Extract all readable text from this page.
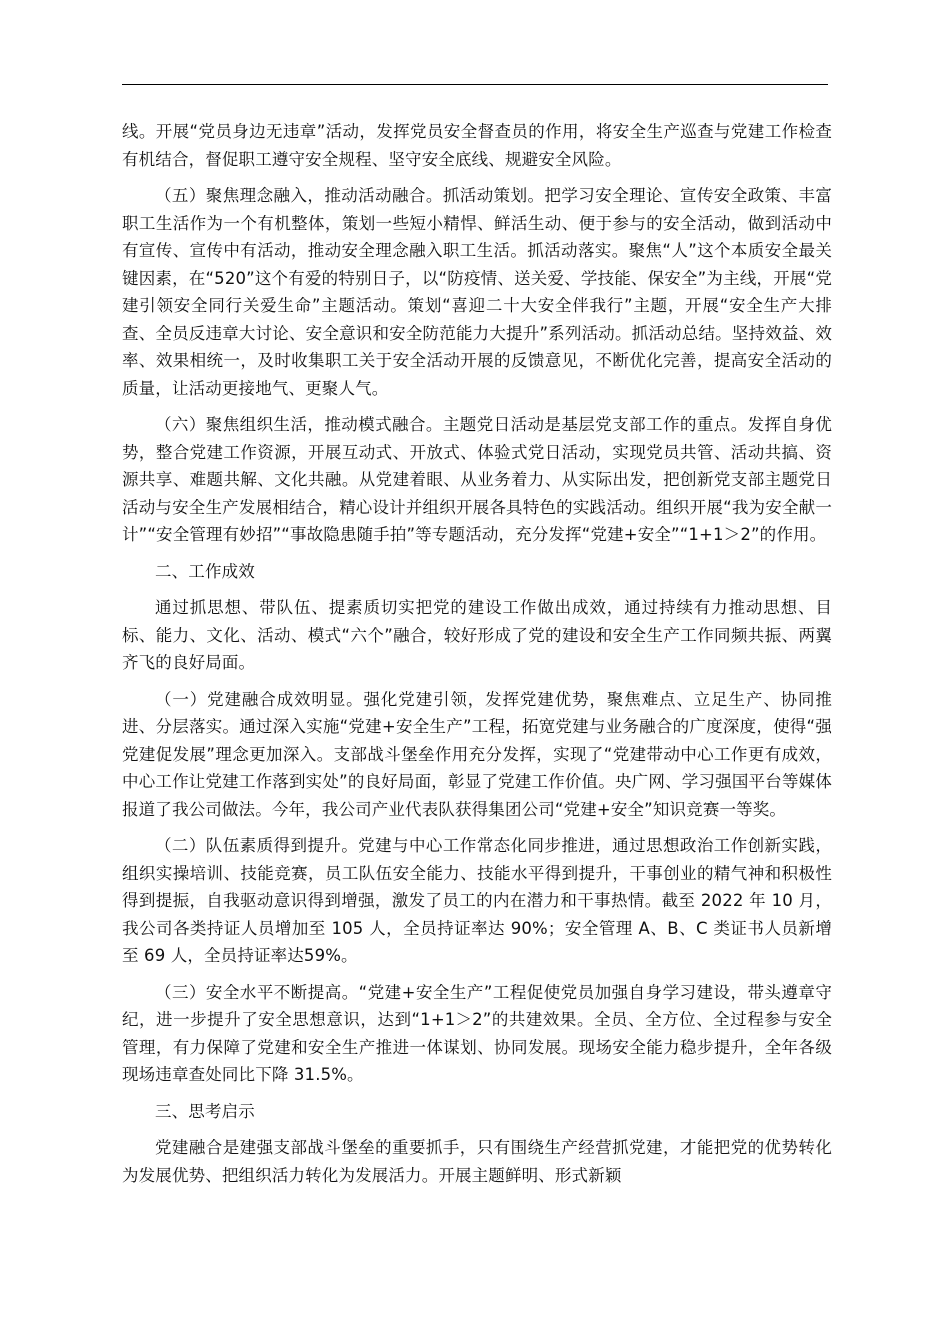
线。开展“党员身边无违章”活动，发挥党员安全督查员的作用，将安全生产巡查与党建工作检查有机结合，督促职工遵守安全规程、坚守安全底线、规避安全风险。

（五）聚焦理念融入，推动活动融合。抓活动策划。把学习安全理论、宣传安全政策、丰富职工生活作为一个有机整体，策划一些短小精悍、鲜活生动、便于参与的安全活动，做到活动中有宣传、宣传中有活动，推动安全理念融入职工生活。抓活动落实。聚焦“人”这个本质安全最关键因素，在“520”这个有爱的特别日子，以“防疫情、送关爱、学技能、保安全”为主线，开展“党建引领安全同行关爱生命”主题活动。策划“喜迎二十大安全伴我行”主题，开展“安全生产大排查、全员反违章大讨论、安全意识和安全防范能力大提升”系列活动。抓活动总结。坚持效益、效率、效果相统一，及时收集职工关于安全活动开展的反馈意见，不断优化完善，提高安全活动的质量，让活动更接地气、更聚人气。

（六）聚焦组织生活，推动模式融合。主题党日活动是基层党支部工作的重点。发挥自身优势，整合党建工作资源，开展互动式、开放式、体验式党日活动，实现党员共管、活动共搞、资源共享、难题共解、文化共融。从党建着眼、从业务着力、从实际出发，把创新党支部主题党日活动与安全生产发展相结合，精心设计并组织开展各具特色的实践活动。组织开展“我为安全献一计”“安全管理有妙招”“事故隐患随手拍”等专题活动，充分发挥“党建+安全”“1+1＞2”的作用。

二、工作成效

通过抓思想、带队伍、提素质切实把党的建设工作做出成效，通过持续有力推动思想、目标、能力、文化、活动、模式“六个”融合，较好形成了党的建设和安全生产工作同频共振、两翼齐飞的良好局面。

（一）党建融合成效明显。强化党建引领，发挥党建优势，聚焦难点、立足生产、协同推进、分层落实。通过深入实施“党建+安全生产”工程，拓宽党建与业务融合的广度深度，使得“强党建促发展”理念更加深入。支部战斗堡垒作用充分发挥，实现了“党建带动中心工作更有成效，中心工作让党建工作落到实处”的良好局面，彰显了党建工作价值。央广网、学习强国平台等媒体报道了我公司做法。今年，我公司产业代表队获得集团公司“党建+安全”知识竞赛一等奖。

（二）队伍素质得到提升。党建与中心工作常态化同步推进，通过思想政治工作创新实践，组织实操培训、技能竞赛，员工队伍安全能力、技能水平得到提升，干事创业的精气神和积极性得到提振，自我驱动意识得到增强，激发了员工的内在潜力和干事热情。截至 2022 年 10 月，我公司各类持证人员增加至 105 人，全员持证率达 90%；安全管理 A、B、C 类证书人员新增至 69 人，全员持证率达59%。

（三）安全水平不断提高。“党建+安全生产”工程促使党员加强自身学习建设，带头遵章守纪，进一步提升了安全思想意识，达到“1+1＞2”的共建效果。全员、全方位、全过程参与安全管理，有力保障了党建和安全生产推进一体谋划、协同发展。现场安全能力稳步提升，全年各级现场违章查处同比下降 31.5%。

三、思考启示

党建融合是建强支部战斗堡垒的重要抓手，只有围绕生产经营抓党建，才能把党的优势转化为发展优势、把组织活力转化为发展活力。开展主题鲜明、形式新颖
